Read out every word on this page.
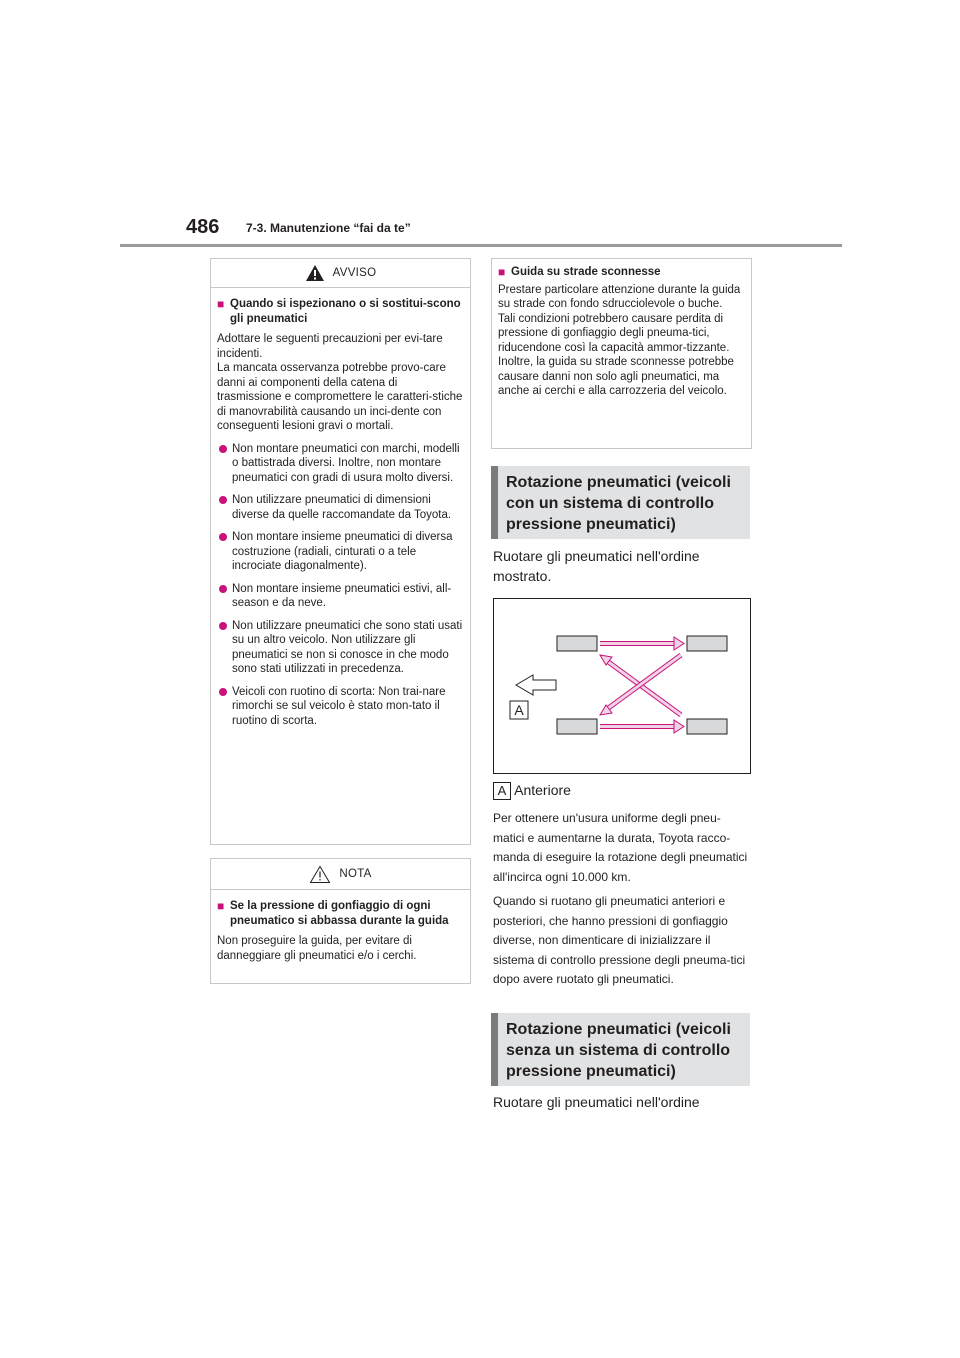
486 7-3. Manutenzione “fai da te”
AVVISO
■ Quando si ispezionano o si sostitui-scono gli pneumatici
Adottare le seguenti precauzioni per evi-tare incidenti.
La mancata osservanza potrebbe provo-care danni ai componenti della catena di trasmissione e compromettere le caratteri-stiche di manovrabilità causando un inci-dente con conseguenti lesioni gravi o mortali.
Non montare pneumatici con marchi, modelli o battistrada diversi. Inoltre, non montare pneumatici con gradi di usura molto diversi.
Non utilizzare pneumatici di dimensioni diverse da quelle raccomandate da Toyota.
Non montare insieme pneumatici di diversa costruzione (radiali, cinturati o a tele incrociate diagonalmente).
Non montare insieme pneumatici estivi, all-season e da neve.
Non utilizzare pneumatici che sono stati usati su un altro veicolo. Non utilizzare gli pneumatici se non si conosce in che modo sono stati utilizzati in precedenza.
Veicoli con ruotino di scorta: Non trai-nare rimorchi se sul veicolo è stato mon-tato il ruotino di scorta.
NOTA
■ Se la pressione di gonfiaggio di ogni pneumatico si abbassa durante la guida
Non proseguire la guida, per evitare di danneggiare gli pneumatici e/o i cerchi.
■ Guida su strade sconnesse
Prestare particolare attenzione durante la guida su strade con fondo sdrucciolevole o buche.
Tali condizioni potrebbero causare perdita di pressione di gonfiaggio degli pneuma-tici, riducendone così la capacità ammor-tizzante. Inoltre, la guida su strade sconnesse potrebbe causare danni non solo agli pneumatici, ma anche ai cerchi e alla carrozzeria del veicolo.
Rotazione pneumatici (veicoli con un sistema di controllo pressione pneumatici)
Ruotare gli pneumatici nell'ordine mostrato.
A
A Anteriore
Per ottenere un'usura uniforme degli pneu-matici e aumentarne la durata, Toyota racco-manda di eseguire la rotazione degli pneumatici all'incirca ogni 10.000 km.
Quando si ruotano gli pneumatici anteriori e posteriori, che hanno pressioni di gonfiaggio diverse, non dimenticare di inizializzare il sistema di controllo pressione degli pneuma-tici dopo avere ruotato gli pneumatici.
Rotazione pneumatici (veicoli senza un sistema di controllo pressione pneumatici)
Ruotare gli pneumatici nell'ordine
